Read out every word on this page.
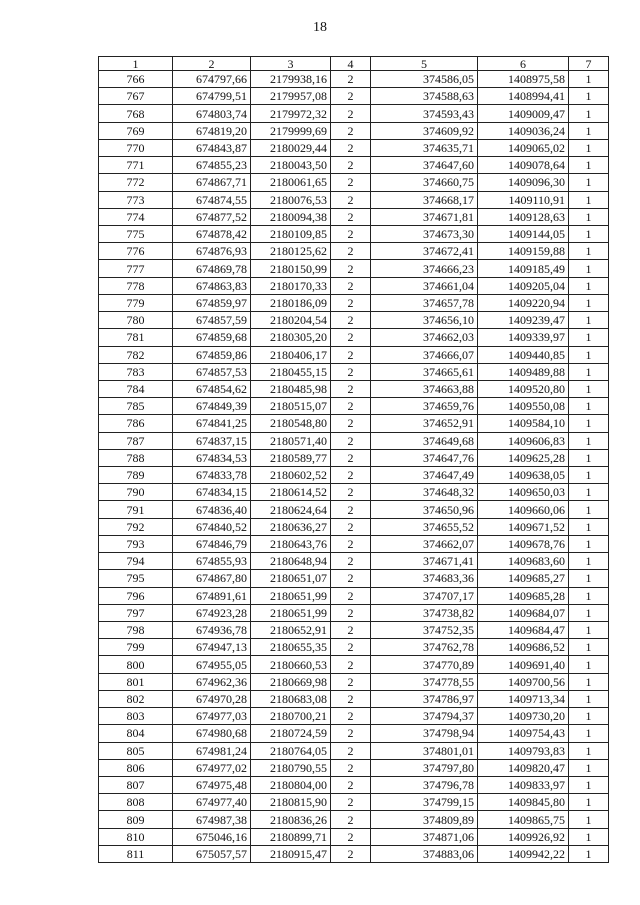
18
1	2	3	4	5	6	7
766	674797,66	2179938,16	2	374586,05	1408975,58	1
767	674799,51	2179957,08	2	374588,63	1408994,41	1
768	674803,74	2179972,32	2	374593,43	1409009,47	1
769	674819,20	2179999,69	2	374609,92	1409036,24	1
770	674843,87	2180029,44	2	374635,71	1409065,02	1
771	674855,23	2180043,50	2	374647,60	1409078,64	1
772	674867,71	2180061,65	2	374660,75	1409096,30	1
773	674874,55	2180076,53	2	374668,17	1409110,91	1
774	674877,52	2180094,38	2	374671,81	1409128,63	1
775	674878,42	2180109,85	2	374673,30	1409144,05	1
776	674876,93	2180125,62	2	374672,41	1409159,88	1
777	674869,78	2180150,99	2	374666,23	1409185,49	1
778	674863,83	2180170,33	2	374661,04	1409205,04	1
779	674859,97	2180186,09	2	374657,78	1409220,94	1
780	674857,59	2180204,54	2	374656,10	1409239,47	1
781	674859,68	2180305,20	2	374662,03	1409339,97	1
782	674859,86	2180406,17	2	374666,07	1409440,85	1
783	674857,53	2180455,15	2	374665,61	1409489,88	1
784	674854,62	2180485,98	2	374663,88	1409520,80	1
785	674849,39	2180515,07	2	374659,76	1409550,08	1
786	674841,25	2180548,80	2	374652,91	1409584,10	1
787	674837,15	2180571,40	2	374649,68	1409606,83	1
788	674834,53	2180589,77	2	374647,76	1409625,28	1
789	674833,78	2180602,52	2	374647,49	1409638,05	1
790	674834,15	2180614,52	2	374648,32	1409650,03	1
791	674836,40	2180624,64	2	374650,96	1409660,06	1
792	674840,52	2180636,27	2	374655,52	1409671,52	1
793	674846,79	2180643,76	2	374662,07	1409678,76	1
794	674855,93	2180648,94	2	374671,41	1409683,60	1
795	674867,80	2180651,07	2	374683,36	1409685,27	1
796	674891,61	2180651,99	2	374707,17	1409685,28	1
797	674923,28	2180651,99	2	374738,82	1409684,07	1
798	674936,78	2180652,91	2	374752,35	1409684,47	1
799	674947,13	2180655,35	2	374762,78	1409686,52	1
800	674955,05	2180660,53	2	374770,89	1409691,40	1
801	674962,36	2180669,98	2	374778,55	1409700,56	1
802	674970,28	2180683,08	2	374786,97	1409713,34	1
803	674977,03	2180700,21	2	374794,37	1409730,20	1
804	674980,68	2180724,59	2	374798,94	1409754,43	1
805	674981,24	2180764,05	2	374801,01	1409793,83	1
806	674977,02	2180790,55	2	374797,80	1409820,47	1
807	674975,48	2180804,00	2	374796,78	1409833,97	1
808	674977,40	2180815,90	2	374799,15	1409845,80	1
809	674987,38	2180836,26	2	374809,89	1409865,75	1
810	675046,16	2180899,71	2	374871,06	1409926,92	1
811	675057,57	2180915,47	2	374883,06	1409942,22	1
